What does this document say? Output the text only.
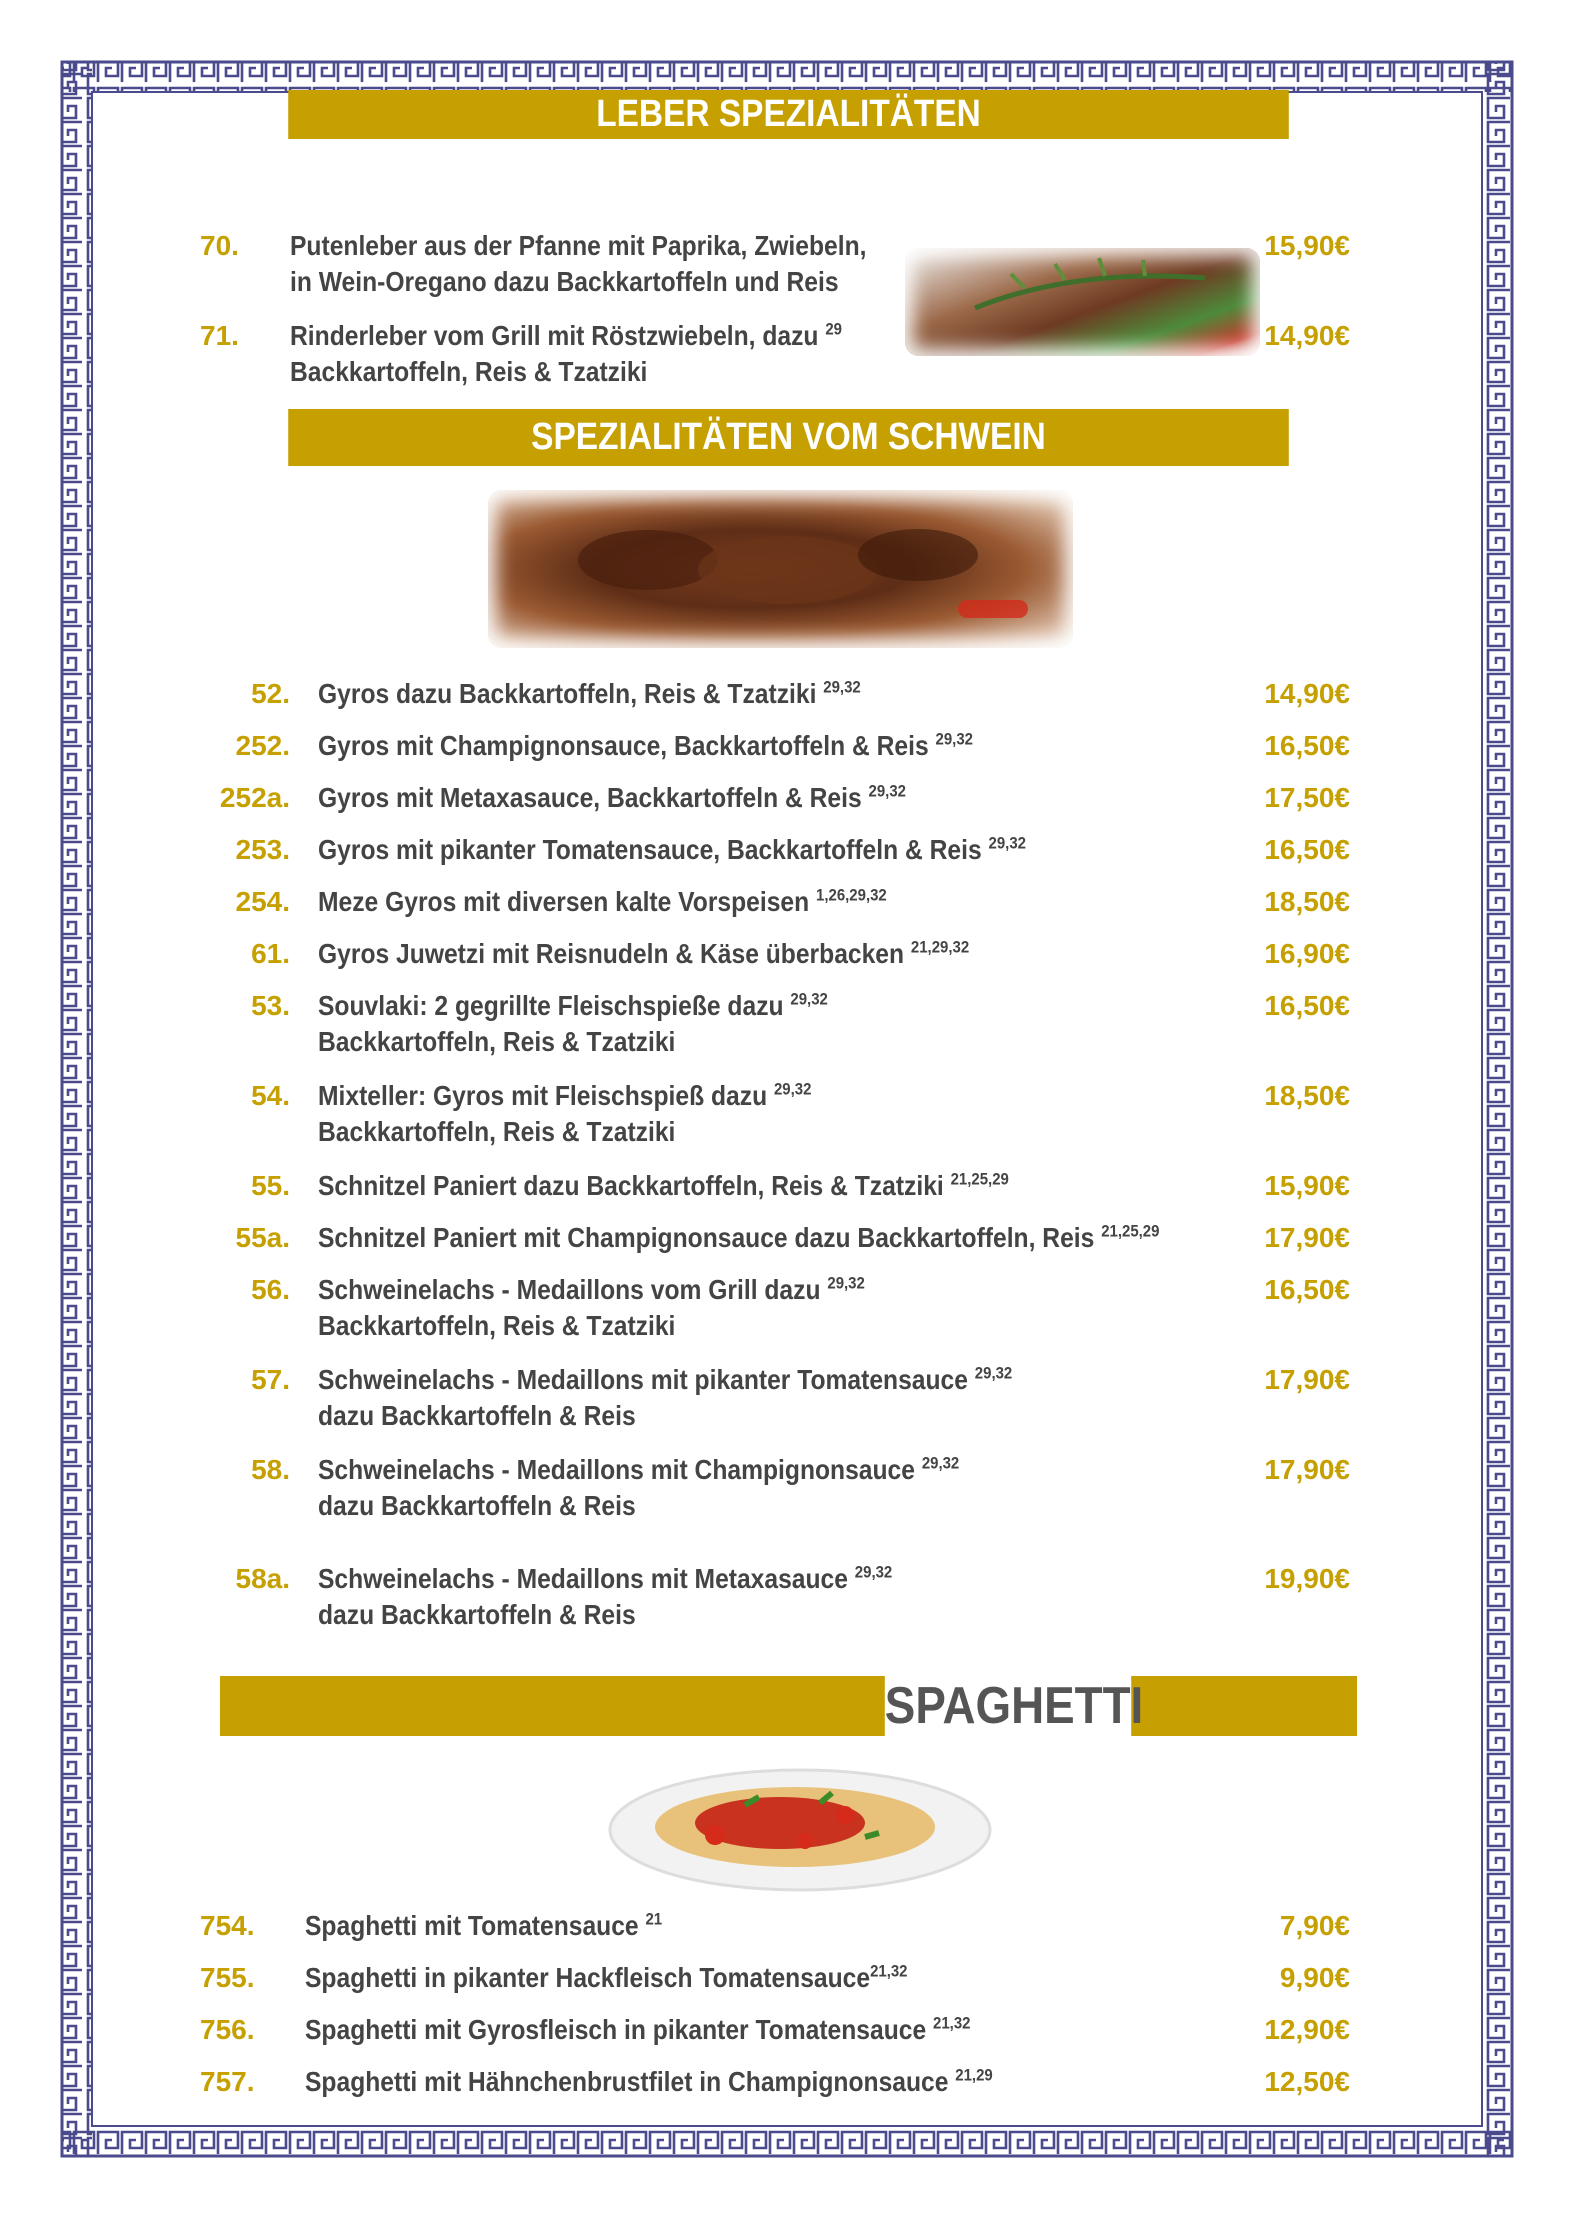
LEBER SPEZIALITÄTEN
70.	Putenleber aus der Pfanne mit Paprika, Zwiebeln,
in Wein-Oregano dazu Backkartoffeln und Reis
15,90€
71.	Rinderleber vom Grill mit Röstzwiebeln, dazu $^{29}$
Backkartoffeln, Reis & Tzatziki
14,90€
SPEZIALITÄTEN VOM SCHWEIN
52. Gyros dazu Backkartoffeln, Reis & Tzatziki $^{29,32}$	14,90€
252. Gyros mit Champignonsauce, Backkartoffeln & Reis $^{29,32}$	16,50€
252a. Gyros mit Metaxasauce, Backkartoffeln & Reis $^{29,32}$	17,50€
253. Gyros mit pikanter Tomatensauce, Backkartoffeln & Reis $^{29,32}$	16,50€
254. Meze Gyros mit diversen kalte Vorspeisen $^{1,26,29,32}$	18,50€
61. Gyros Juwetzi mit Reisnudeln & Käse überbacken $^{21,29,32}$	16,90€
53. Souvlaki: 2 gegrillte Fleischspieße dazu $^{29,32}$
Backkartoffeln, Reis & Tzatziki
16,50€
54. Mixteller: Gyros mit Fleischspieß dazu $^{29,32}$
Backkartoffeln, Reis & Tzatziki
18,50€
55. Schnitzel Paniert dazu Backkartoffeln, Reis & Tzatziki $^{21,25,29}$	15,90€
55a. Schnitzel Paniert mit Champignonsauce dazu Backkartoffeln, Reis $^{21,25,29}$	17,90€
56. Schweinelachs - Medaillons vom Grill dazu $^{29,32}$
Backkartoffeln, Reis & Tzatziki
16,50€
57. Schweinelachs - Medaillons mit pikanter Tomatensauce $^{29,32}$
dazu Backkartoffeln & Reis
17,90€
58. Schweinelachs - Medaillons mit Champignonsauce $^{29,32}$
dazu Backkartoffeln & Reis
17,90€
58a. Schweinelachs - Medaillons mit Metaxasauce $^{29,32}$
dazu Backkartoffeln & Reis
19,90€
SPAGHETTI
754.	Spaghetti mit Tomatensauce $^{21}$	7,90€
755.	Spaghetti in pikanter Hackfleisch Tomatensauce$^{21,32}$	9,90€
756.	Spaghetti mit Gyrosfleisch in pikanter Tomatensauce $^{21,32}$	12,90€
757.	Spaghetti mit Hähnchenbrustfilet in Champignonsauce $^{21,29}$	12,50€
